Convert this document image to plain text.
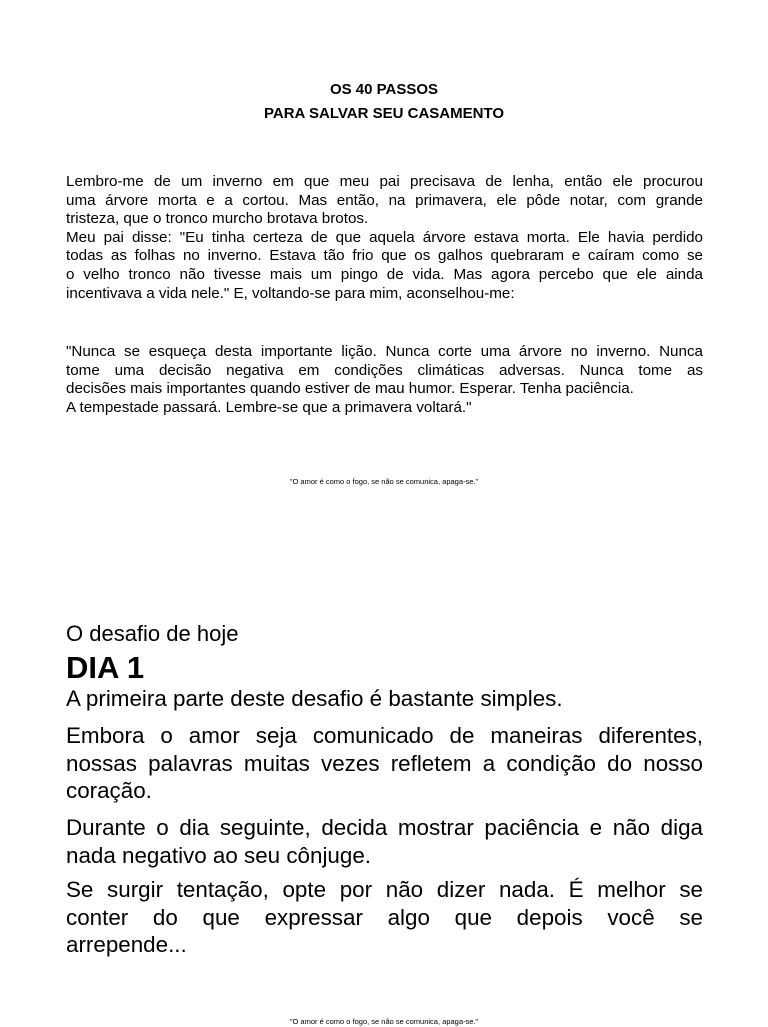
OS 40 PASSOS
PARA SALVAR SEU CASAMENTO
Lembro-me de um inverno em que meu pai precisava de lenha, então ele procurou
uma árvore morta e a cortou. Mas então, na primavera, ele pôde notar, com grande
tristeza, que o tronco murcho brotava brotos.
Meu pai disse: "Eu tinha certeza de que aquela árvore estava morta. Ele havia perdido
todas as folhas no inverno. Estava tão frio que os galhos quebraram e caíram como se
o velho tronco não tivesse mais um pingo de vida. Mas agora percebo que ele ainda
incentivava a vida nele." E, voltando-se para mim, aconselhou-me:
"Nunca se esqueça desta importante lição. Nunca corte uma árvore no inverno. Nunca
tome uma decisão negativa em condições climáticas adversas. Nunca tome as
decisões mais importantes quando estiver de mau humor. Esperar. Tenha paciência.
A tempestade passará. Lembre-se que a primavera voltará."
"O amor é como o fogo, se não se comunica, apaga-se."
O desafio de hoje
DIA 1
A primeira parte deste desafio é bastante simples.
Embora o amor seja comunicado de maneiras diferentes,
nossas palavras muitas vezes refletem a condição do nosso
coração.
Durante o dia seguinte, decida mostrar paciência e não diga
nada negativo ao seu cônjuge.
Se surgir tentação, opte por não dizer nada. É melhor se
conter do que expressar algo que depois você se
arrepende...
"O amor é como o fogo, se não se comunica, apaga-se."
